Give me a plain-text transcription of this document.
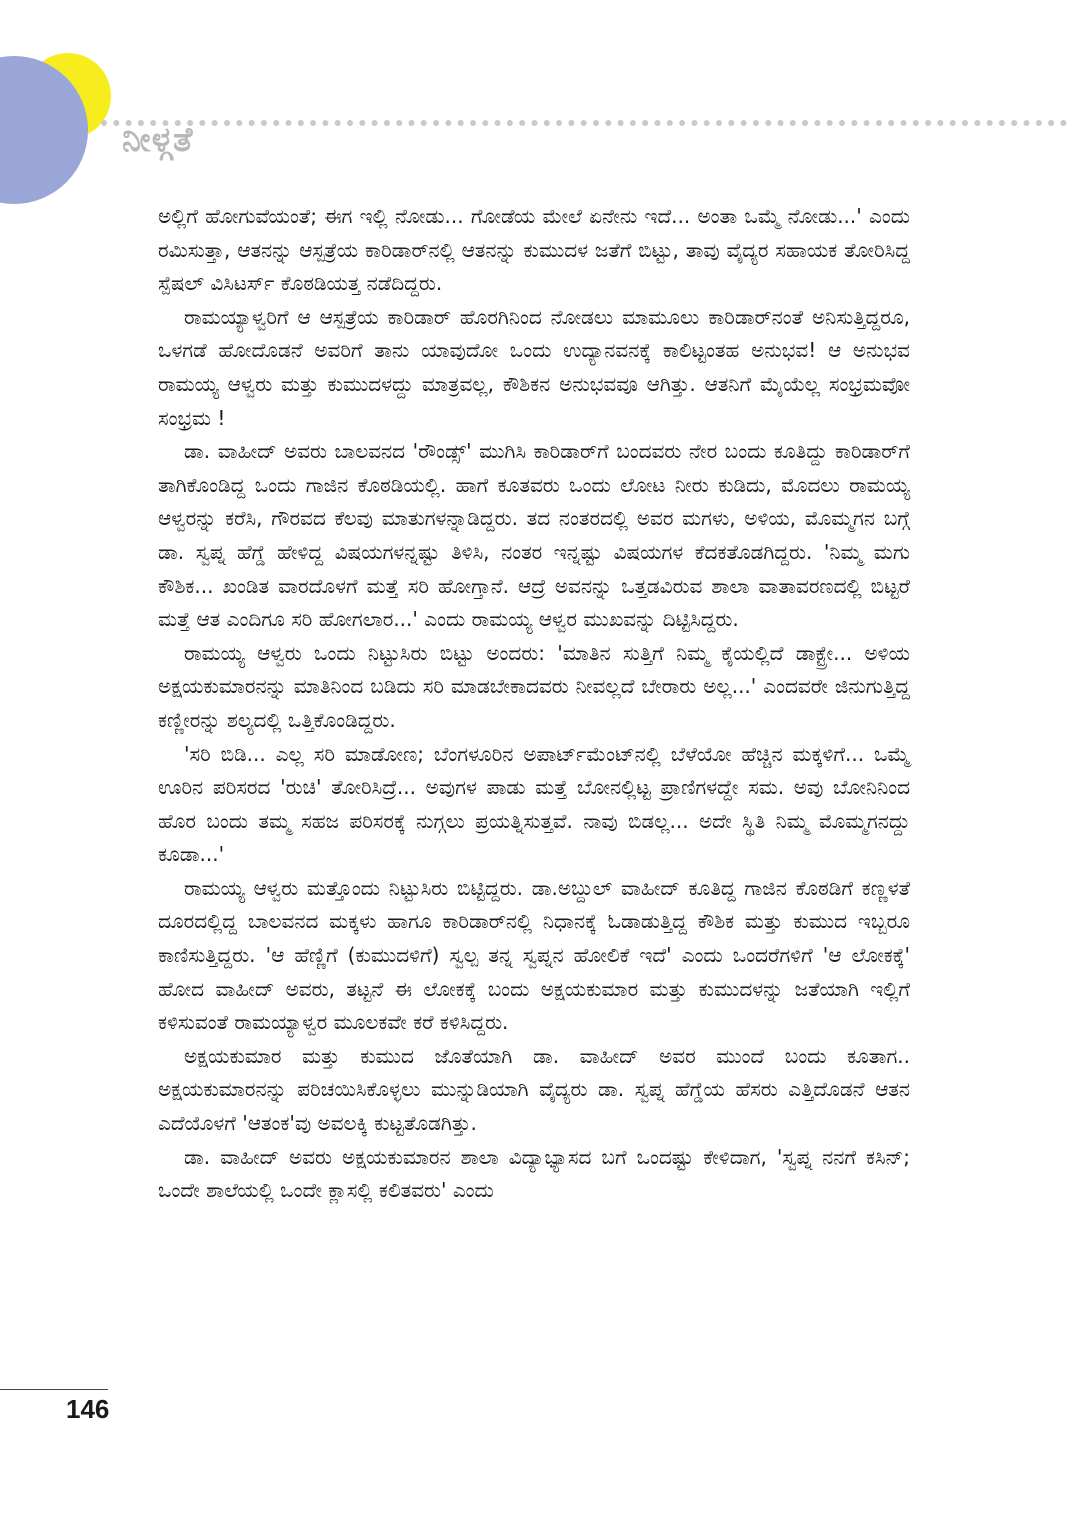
ನೀಳ್ಗತೆ

ಅಲ್ಲಿಗೆ ಹೋಗುವೆಯಂತೆ; ಈಗ ಇಲ್ಲಿ ನೋಡು... ಗೋಡೆಯ ಮೇಲೆ ಏನೇನು ಇದೆ... ಅಂತಾ ಒಮ್ಮೆ ನೋಡು...' ಎಂದು ರಮಿಸುತ್ತಾ, ಆತನನ್ನು ಆಸ್ಪತ್ರೆಯ ಕಾರಿಡಾರ್‌ನಲ್ಲಿ ಆತನನ್ನು ಕುಮುದಳ ಜತೆಗೆ ಬಿಟ್ಟು, ತಾವು ವೈದ್ಯರ ಸಹಾಯಕ ತೋರಿಸಿದ್ದ ಸ್ಪೆಷಲ್ ವಿಸಿಟರ್ಸ್ ಕೊಠಡಿಯತ್ತ ನಡೆದಿದ್ದರು.

ರಾಮಯ್ಯಾಳ್ವರಿಗೆ ಆ ಆಸ್ಪತ್ರೆಯ ಕಾರಿಡಾರ್ ಹೊರಗಿನಿಂದ ನೋಡಲು ಮಾಮೂಲು ಕಾರಿಡಾರ್‌ನಂತೆ ಅನಿಸುತ್ತಿದ್ದರೂ, ಒಳಗಡೆ ಹೋದೊಡನೆ ಅವರಿಗೆ ತಾನು ಯಾವುದೋ ಒಂದು ಉದ್ಯಾನವನಕ್ಕೆ ಕಾಲಿಟ್ಟಂತಹ ಅನುಭವ! ಆ ಅನುಭವ ರಾಮಯ್ಯ ಆಳ್ವರು ಮತ್ತು ಕುಮುದಳದ್ದು ಮಾತ್ರವಲ್ಲ, ಕೌಶಿಕನ ಅನುಭವವೂ ಆಗಿತ್ತು. ಆತನಿಗೆ ಮೈಯೆಲ್ಲ ಸಂಭ್ರಮವೋ ಸಂಭ್ರಮ !

ಡಾ. ವಾಹೀದ್ ಅವರು ಬಾಲವನದ 'ರೌಂಡ್ಸ್' ಮುಗಿಸಿ ಕಾರಿಡಾರ್‌ಗೆ ಬಂದವರು ನೇರ ಬಂದು ಕೂತಿದ್ದು ಕಾರಿಡಾರ್‌ಗೆ ತಾಗಿಕೊಂಡಿದ್ದ ಒಂದು ಗಾಜಿನ ಕೊಠಡಿಯಲ್ಲಿ. ಹಾಗೆ ಕೂತವರು ಒಂದು ಲೋಟ ನೀರು ಕುಡಿದು, ಮೊದಲು ರಾಮಯ್ಯ ಆಳ್ವರನ್ನು ಕರೆಸಿ, ಗೌರವದ ಕೆಲವು ಮಾತುಗಳನ್ನಾಡಿದ್ದರು. ತದ ನಂತರದಲ್ಲಿ ಅವರ ಮಗಳು, ಅಳಿಯ, ಮೊಮ್ಮಗನ ಬಗ್ಗೆ ಡಾ. ಸ್ವಪ್ನ ಹೆಗ್ಡೆ ಹೇಳಿದ್ದ ವಿಷಯಗಳನ್ನಷ್ಟು ತಿಳಿಸಿ, ನಂತರ ಇನ್ನಷ್ಟು ವಿಷಯಗಳ ಕೆದಕತೊಡಗಿದ್ದರು. 'ನಿಮ್ಮ ಮಗು ಕೌಶಿಕ... ಖಂಡಿತ ವಾರದೊಳಗೆ ಮತ್ತೆ ಸರಿ ಹೋಗ್ತಾನೆ. ಆದ್ರೆ ಅವನನ್ನು ಒತ್ತಡವಿರುವ ಶಾಲಾ ವಾತಾವರಣದಲ್ಲಿ ಬಿಟ್ಟರೆ ಮತ್ತೆ ಆತ ಎಂದಿಗೂ ಸರಿ ಹೋಗಲಾರ...' ಎಂದು ರಾಮಯ್ಯ ಆಳ್ವರ ಮುಖವನ್ನು ದಿಟ್ಟಿಸಿದ್ದರು.

ರಾಮಯ್ಯ ಆಳ್ವರು ಒಂದು ನಿಟ್ಟುಸಿರು ಬಿಟ್ಟು ಅಂದರು: 'ಮಾತಿನ ಸುತ್ತಿಗೆ ನಿಮ್ಮ ಕೈಯಲ್ಲಿದೆ ಡಾಕ್ಟ್ರೇ... ಅಳಿಯ ಅಕ್ಷಯಕುಮಾರನನ್ನು ಮಾತಿನಿಂದ ಬಡಿದು ಸರಿ ಮಾಡಬೇಕಾದವರು ನೀವಲ್ಲದೆ ಬೇರಾರು ಅಲ್ಲ...' ಎಂದವರೇ ಜಿನುಗುತ್ತಿದ್ದ ಕಣ್ಣೀರನ್ನು ಶಲ್ಯದಲ್ಲಿ ಒತ್ತಿಕೊಂಡಿದ್ದರು.

'ಸರಿ ಬಿಡಿ... ಎಲ್ಲ ಸರಿ ಮಾಡೋಣ; ಬೆಂಗಳೂರಿನ ಅಪಾರ್ಟ್‌ಮೆಂಟ್‌ನಲ್ಲಿ ಬೆಳೆಯೋ ಹೆಚ್ಚಿನ ಮಕ್ಕಳಿಗೆ... ಒಮ್ಮೆ ಊರಿನ ಪರಿಸರದ 'ರುಚಿ' ತೋರಿಸಿದ್ರೆ... ಅವುಗಳ ಪಾಡು ಮತ್ತೆ ಬೋನಲ್ಲಿಟ್ಟ ಪ್ರಾಣಿಗಳದ್ದೇ ಸಮ. ಅವು ಬೋನಿನಿಂದ ಹೊರ ಬಂದು ತಮ್ಮ ಸಹಜ ಪರಿಸರಕ್ಕೆ ನುಗ್ಗಲು ಪ್ರಯತ್ನಿಸುತ್ತವೆ. ನಾವು ಬಿಡಲ್ಲ... ಅದೇ ಸ್ಥಿತಿ ನಿಮ್ಮ ಮೊಮ್ಮಗನದ್ದು ಕೂಡಾ...'

ರಾಮಯ್ಯ ಆಳ್ವರು ಮತ್ತೊಂದು ನಿಟ್ಟುಸಿರು ಬಿಟ್ಟಿದ್ದರು. ಡಾ.ಅಬ್ದುಲ್ ವಾಹೀದ್ ಕೂತಿದ್ದ ಗಾಜಿನ ಕೊಠಡಿಗೆ ಕಣ್ಣಳತೆ ದೂರದಲ್ಲಿದ್ದ ಬಾಲವನದ ಮಕ್ಕಳು ಹಾಗೂ ಕಾರಿಡಾರ್‌ನಲ್ಲಿ ನಿಧಾನಕ್ಕೆ ಓಡಾಡುತ್ತಿದ್ದ ಕೌಶಿಕ ಮತ್ತು ಕುಮುದ ಇಬ್ಬರೂ ಕಾಣಿಸುತ್ತಿದ್ದರು. 'ಆ ಹೆಣ್ಣಿಗೆ (ಕುಮುದಳಿಗೆ) ಸ್ವಲ್ಪ ತನ್ನ ಸ್ವಪ್ನನ ಹೋಲಿಕೆ ಇದೆ' ಎಂದು ಒಂದರೆಗಳಿಗೆ 'ಆ ಲೋಕಕ್ಕೆ' ಹೋದ ವಾಹೀದ್ ಅವರು, ತಟ್ಟನೆ ಈ ಲೋಕಕ್ಕೆ ಬಂದು ಅಕ್ಷಯಕುಮಾರ ಮತ್ತು ಕುಮುದಳನ್ನು ಜತೆಯಾಗಿ ಇಲ್ಲಿಗೆ ಕಳಿಸುವಂತೆ ರಾಮಯ್ಯಾಳ್ವರ ಮೂಲಕವೇ ಕರೆ ಕಳಿಸಿದ್ದರು.

ಅಕ್ಷಯಕುಮಾರ ಮತ್ತು ಕುಮುದ ಜೊತೆಯಾಗಿ ಡಾ. ವಾಹೀದ್ ಅವರ ಮುಂದೆ ಬಂದು ಕೂತಾಗ.. ಅಕ್ಷಯಕುಮಾರನನ್ನು ಪರಿಚಯಿಸಿಕೊಳ್ಳಲು ಮುನ್ನುಡಿಯಾಗಿ ವೈದ್ಯರು ಡಾ. ಸ್ವಪ್ನ ಹೆಗ್ಡೆಯ ಹೆಸರು ಎತ್ತಿದೊಡನೆ ಆತನ ಎದೆಯೊಳಗೆ 'ಆತಂಕ'ವು ಅವಲಕ್ಕಿ ಕುಟ್ಟತೊಡಗಿತ್ತು.

ಡಾ. ವಾಹೀದ್ ಅವರು ಅಕ್ಷಯಕುಮಾರನ ಶಾಲಾ ವಿದ್ಯಾಭ್ಯಾಸದ ಬಗೆ ಒಂದಷ್ಟು ಕೇಳಿದಾಗ, 'ಸ್ವಪ್ನ ನನಗೆ ಕಸಿನ್; ಒಂದೇ ಶಾಲೆಯಲ್ಲಿ ಒಂದೇ ಕ್ಲಾಸಲ್ಲಿ ಕಲಿತವರು' ಎಂದು

146
